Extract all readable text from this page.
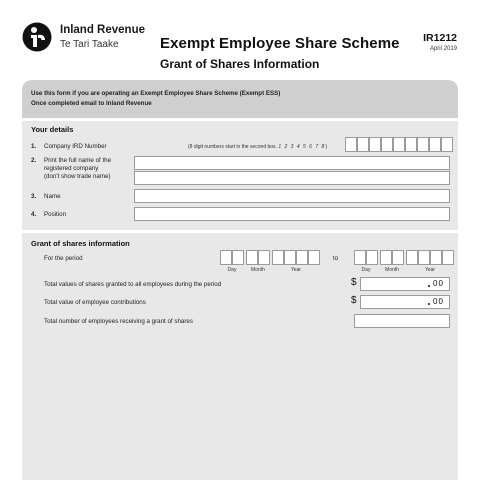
Inland Revenue
Te Tari Taake	Exempt Employee Share Scheme
Grant of Shares Information
IR1212
April 2019
Use this form if you are operating an Exempt Employee Share Scheme (Exempt ESS)
Once completed email to Inland Revenue
Your details
1. Company IRD Number	(8 digit numbers start in the second box. 1 2 3 4 5 6 7 8)
2. Print the full name of the
registered company
(don't show trade name)
3. Name
4. Position
Grant of shares information
For the period
Day	Month	Year
to
Day	Month	Year
Total values of shares granted to all employees during the period	$	00
Total value of employee contributions	$	00
Total number of employees receiving a grant of shares
